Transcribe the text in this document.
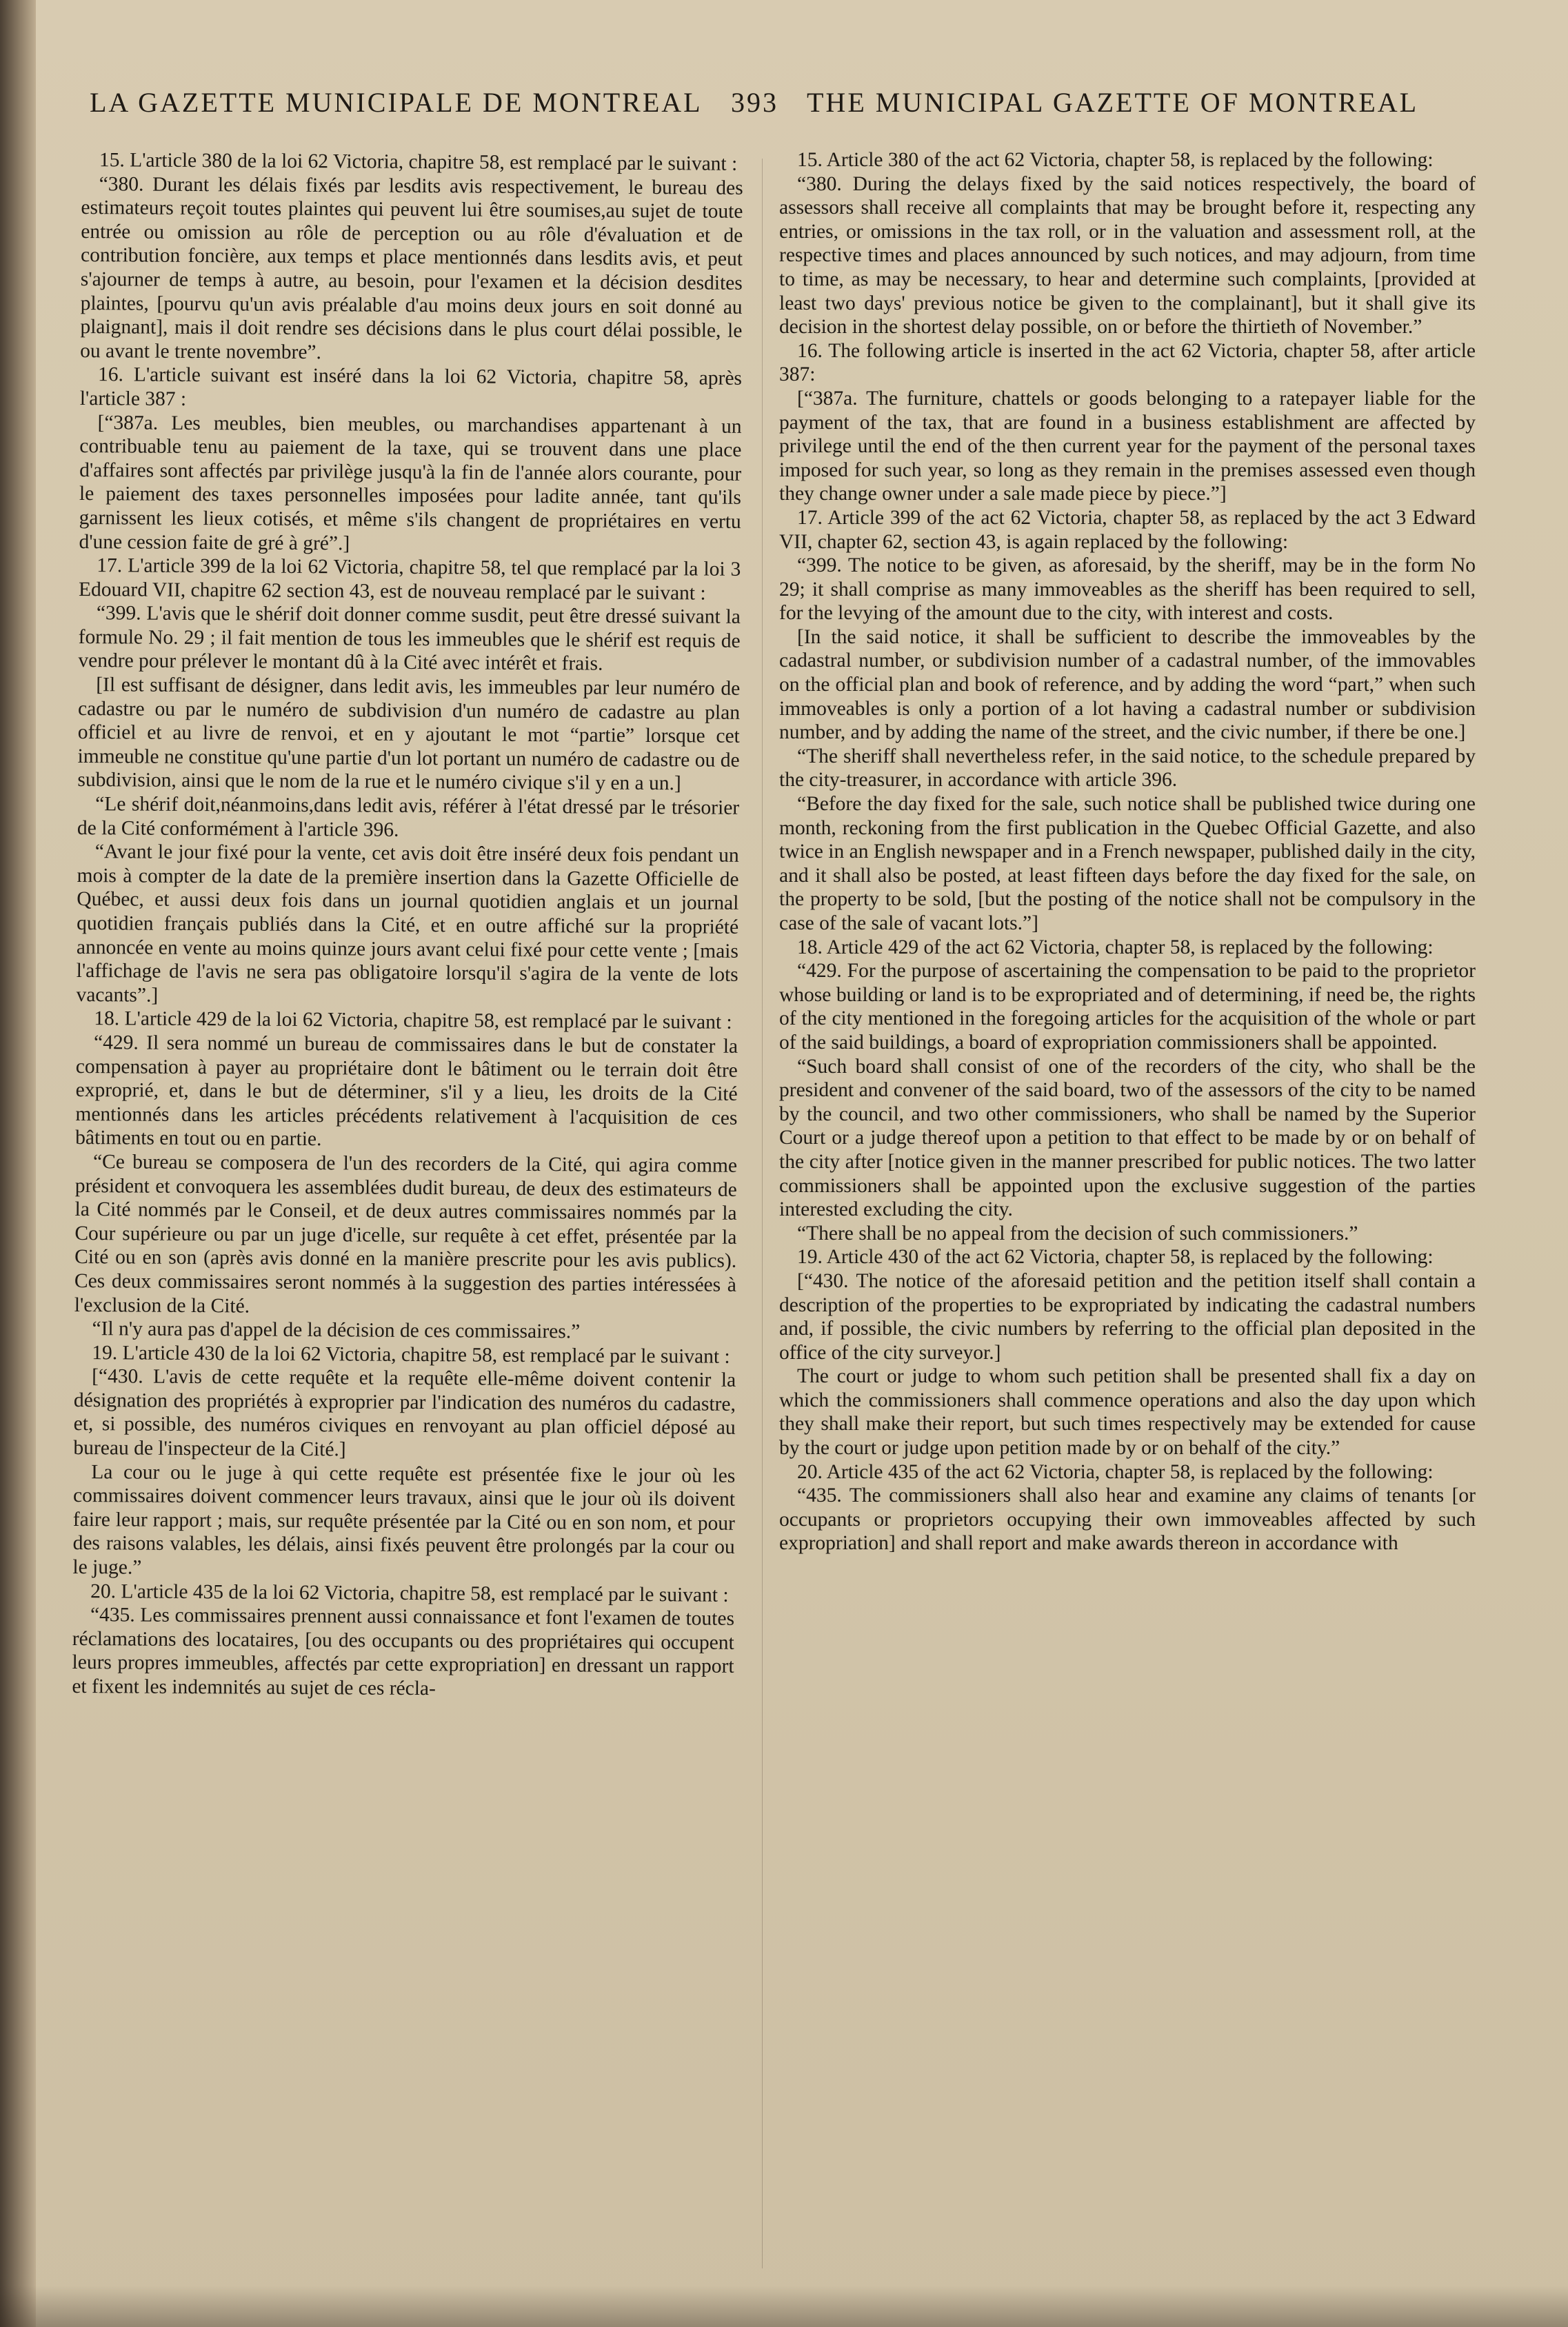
LA GAZETTE MUNICIPALE DE MONTREAL 393 THE MUNICIPAL GAZETTE OF MONTREAL

15. L'article 380 de la loi 62 Victoria, chapitre 58, est remplacé par le suivant :

“380. Durant les délais fixés par lesdits avis respectivement, le bureau des estimateurs reçoit toutes plaintes qui peuvent lui être soumises,au sujet de toute entrée ou omission au rôle de perception ou au rôle d'évaluation et de contribution foncière, aux temps et place mentionnés dans lesdits avis, et peut s'ajourner de temps à autre, au besoin, pour l'examen et la décision desdites plaintes, [pourvu qu'un avis préalable d'au moins deux jours en soit donné au plaignant], mais il doit rendre ses décisions dans le plus court délai possible, le ou avant le trente novembre”.

16. L'article suivant est inséré dans la loi 62 Victoria, chapitre 58, après l'article 387 :

[“387a. Les meubles, bien meubles, ou marchandises appartenant à un contribuable tenu au paiement de la taxe, qui se trouvent dans une place d'affaires sont affectés par privilège jusqu'à la fin de l'année alors courante, pour le paiement des taxes personnelles imposées pour ladite année, tant qu'ils garnissent les lieux cotisés, et même s'ils changent de propriétaires en vertu d'une cession faite de gré à gré”.]

17. L'article 399 de la loi 62 Victoria, chapitre 58, tel que remplacé par la loi 3 Edouard VII, chapitre 62 section 43, est de nouveau remplacé par le suivant :

“399. L'avis que le shérif doit donner comme susdit, peut être dressé suivant la formule No. 29 ; il fait mention de tous les immeubles que le shérif est requis de vendre pour prélever le montant dû à la Cité avec intérêt et frais.

[Il est suffisant de désigner, dans ledit avis, les immeubles par leur numéro de cadastre ou par le numéro de subdivision d'un numéro de cadastre au plan officiel et au livre de renvoi, et en y ajoutant le mot “partie” lorsque cet immeuble ne constitue qu'une partie d'un lot portant un numéro de cadastre ou de subdivision, ainsi que le nom de la rue et le numéro civique s'il y en a un.]

“Le shérif doit,néanmoins,dans ledit avis, référer à l'état dressé par le trésorier de la Cité conformément à l'article 396.

“Avant le jour fixé pour la vente, cet avis doit être inséré deux fois pendant un mois à compter de la date de la première insertion dans la Gazette Officielle de Québec, et aussi deux fois dans un journal quotidien anglais et un journal quotidien français publiés dans la Cité, et en outre affiché sur la propriété annoncée en vente au moins quinze jours avant celui fixé pour cette vente ; [mais l'affichage de l'avis ne sera pas obligatoire lorsqu'il s'agira de la vente de lots vacants”.]

18. L'article 429 de la loi 62 Victoria, chapitre 58, est remplacé par le suivant :

“429. Il sera nommé un bureau de commissaires dans le but de constater la compensation à payer au propriétaire dont le bâtiment ou le terrain doit être exproprié, et, dans le but de déterminer, s'il y a lieu, les droits de la Cité mentionnés dans les articles précédents relativement à l'acquisition de ces bâtiments en tout ou en partie.

“Ce bureau se composera de l'un des recorders de la Cité, qui agira comme président et convoquera les assemblées dudit bureau, de deux des estimateurs de la Cité nommés par le Conseil, et de deux autres commissaires nommés par la Cour supérieure ou par un juge d'icelle, sur requête à cet effet, présentée par la Cité ou en son (après avis donné en la manière prescrite pour les avis publics). Ces deux commissaires seront nommés à la suggestion des parties intéressées à l'exclusion de la Cité.

“Il n'y aura pas d'appel de la décision de ces commissaires.”

19. L'article 430 de la loi 62 Victoria, chapitre 58, est remplacé par le suivant :

[“430. L'avis de cette requête et la requête elle-même doivent contenir la désignation des propriétés à exproprier par l'indication des numéros du cadastre, et, si possible, des numéros civiques en renvoyant au plan officiel déposé au bureau de l'inspecteur de la Cité.]

La cour ou le juge à qui cette requête est présentée fixe le jour où les commissaires doivent commencer leurs travaux, ainsi que le jour où ils doivent faire leur rapport ; mais, sur requête présentée par la Cité ou en son nom, et pour des raisons valables, les délais, ainsi fixés peuvent être prolongés par la cour ou le juge.”

20. L'article 435 de la loi 62 Victoria, chapitre 58, est remplacé par le suivant :

“435. Les commissaires prennent aussi connaissance et font l'examen de toutes réclamations des locataires, [ou des occupants ou des propriétaires qui occupent leurs propres immeubles, affectés par cette expropriation] en dressant un rapport et fixent les indemnités au sujet de ces récla-

15. Article 380 of the act 62 Victoria, chapter 58, is replaced by the following:

“380. During the delays fixed by the said notices respectively, the board of assessors shall receive all complaints that may be brought before it, respecting any entries, or omissions in the tax roll, or in the valuation and assessment roll, at the respective times and places announced by such notices, and may adjourn, from time to time, as may be necessary, to hear and determine such complaints, [provided at least two days' previous notice be given to the complainant], but it shall give its decision in the shortest delay possible, on or before the thirtieth of November.”

16. The following article is inserted in the act 62 Victoria, chapter 58, after article 387:

[“387a. The furniture, chattels or goods belonging to a ratepayer liable for the payment of the tax, that are found in a business establishment are affected by privilege until the end of the then current year for the payment of the personal taxes imposed for such year, so long as they remain in the premises assessed even though they change owner under a sale made piece by piece.”]

17. Article 399 of the act 62 Victoria, chapter 58, as replaced by the act 3 Edward VII, chapter 62, section 43, is again replaced by the following:

“399. The notice to be given, as aforesaid, by the sheriff, may be in the form No 29; it shall comprise as many immoveables as the sheriff has been required to sell, for the levying of the amount due to the city, with interest and costs.

[In the said notice, it shall be sufficient to describe the immoveables by the cadastral number, or subdivision number of a cadastral number, of the immovables on the official plan and book of reference, and by adding the word “part,” when such immoveables is only a portion of a lot having a cadastral number or subdivision number, and by adding the name of the street, and the civic number, if there be one.]

“The sheriff shall nevertheless refer, in the said notice, to the schedule prepared by the city-treasurer, in accordance with article 396.

“Before the day fixed for the sale, such notice shall be published twice during one month, reckoning from the first publication in the Quebec Official Gazette, and also twice in an English newspaper and in a French newspaper, published daily in the city, and it shall also be posted, at least fifteen days before the day fixed for the sale, on the property to be sold, [but the posting of the notice shall not be compulsory in the case of the sale of vacant lots.”]

18. Article 429 of the act 62 Victoria, chapter 58, is replaced by the following:

“429. For the purpose of ascertaining the compensation to be paid to the proprietor whose building or land is to be expropriated and of determining, if need be, the rights of the city mentioned in the foregoing articles for the acquisition of the whole or part of the said buildings, a board of expropriation commissioners shall be appointed.

“Such board shall consist of one of the recorders of the city, who shall be the president and convener of the said board, two of the assessors of the city to be named by the council, and two other commissioners, who shall be named by the Superior Court or a judge thereof upon a petition to that effect to be made by or on behalf of the city after [notice given in the manner prescribed for public notices. The two latter commissioners shall be appointed upon the exclusive suggestion of the parties interested excluding the city.

“There shall be no appeal from the decision of such commissioners.”

19. Article 430 of the act 62 Victoria, chapter 58, is replaced by the following:

[“430. The notice of the aforesaid petition and the petition itself shall contain a description of the properties to be expropriated by indicating the cadastral numbers and, if possible, the civic numbers by referring to the official plan deposited in the office of the city surveyor.]

The court or judge to whom such petition shall be presented shall fix a day on which the commissioners shall commence operations and also the day upon which they shall make their report, but such times respectively may be extended for cause by the court or judge upon petition made by or on behalf of the city.”

20. Article 435 of the act 62 Victoria, chapter 58, is replaced by the following:

“435. The commissioners shall also hear and examine any claims of tenants [or occupants or proprietors occupying their own immoveables affected by such expropriation] and shall report and make awards thereon in accordance with
